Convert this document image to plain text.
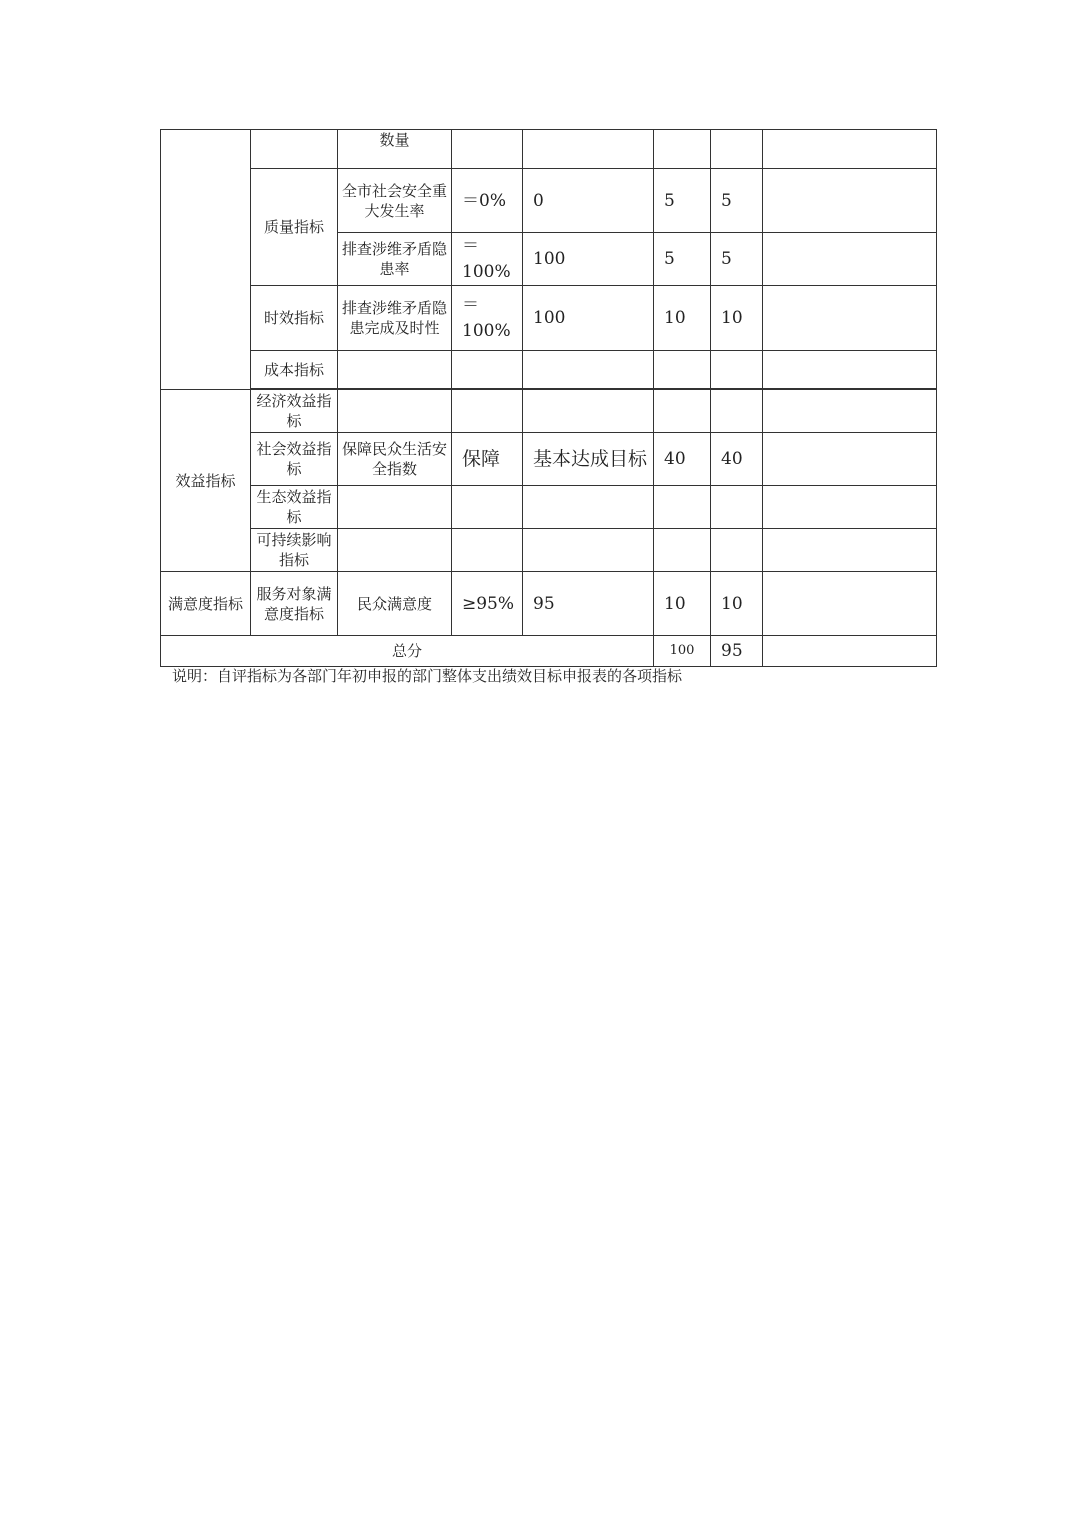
		数量					
	质量指标	全市社会安全重大发生率	＝0%	0	5	5	
		排查涉维矛盾隐患率	＝100%	100	5	5	
	时效指标	排查涉维矛盾隐患完成及时性	＝100%	100	10	10	
	成本指标						

效益指标	经济效益指标						
	社会效益指标	保障民众生活安全指数	保障	基本达成目标	40	40	
	生态效益指标						
	可持续影响指标						
满意度指标	服务对象满意度指标	民众满意度	≥95%	95	10	10	
总分					100	95	
说明：自评指标为各部门年初申报的部门整体支出绩效目标申报表的各项指标
